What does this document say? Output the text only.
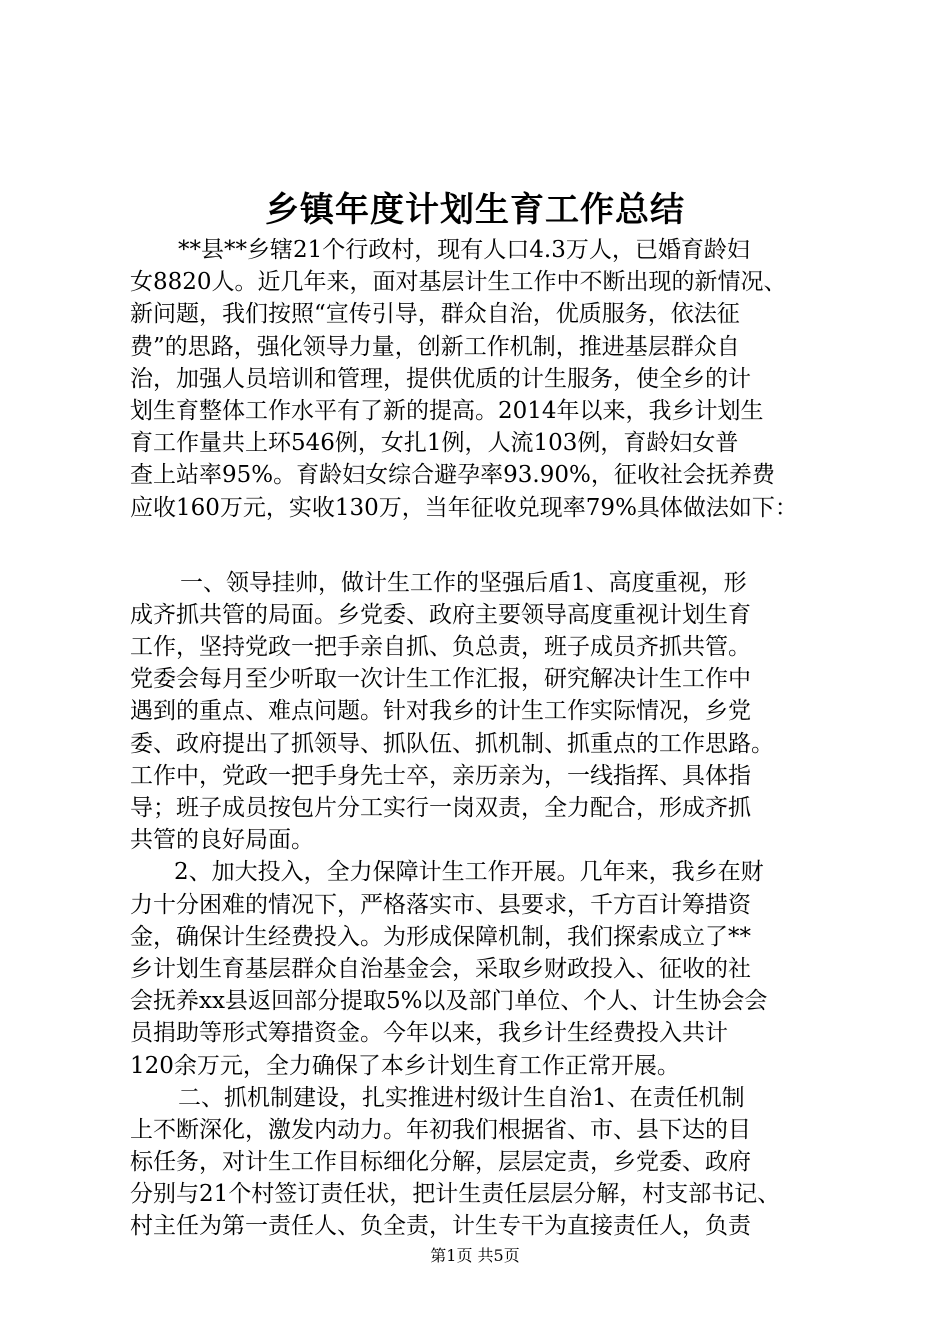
乡镇年度计划生育工作总结
**县**乡辖21个行政村，现有人口4.3万人，已婚育龄妇
女8820人。近几年来，面对基层计生工作中不断出现的新情况、
新问题，我们按照“宣传引导，群众自治，优质服务，依法征
费”的思路，强化领导力量，创新工作机制，推进基层群众自
治，加强人员培训和管理，提供优质的计生服务，使全乡的计
划生育整体工作水平有了新的提高。2014年以来，我乡计划生
育工作量共上环546例，女扎1例，人流103例，育龄妇女普
查上站率95%。育龄妇女综合避孕率93.90%，征收社会抚养费
应收160万元，实收130万，当年征收兑现率79%具体做法如下：
一、领导挂帅，做计生工作的坚强后盾1、高度重视，形
成齐抓共管的局面。乡党委、政府主要领导高度重视计划生育
工作，坚持党政一把手亲自抓、负总责，班子成员齐抓共管。
党委会每月至少听取一次计生工作汇报，研究解决计生工作中
遇到的重点、难点问题。针对我乡的计生工作实际情况，乡党
委、政府提出了抓领导、抓队伍、抓机制、抓重点的工作思路。
工作中，党政一把手身先士卒，亲历亲为，一线指挥、具体指
导；班子成员按包片分工实行一岗双责，全力配合，形成齐抓
共管的良好局面。
2、加大投入，全力保障计生工作开展。几年来，我乡在财
力十分困难的情况下，严格落实市、县要求，千方百计筹措资
金，确保计生经费投入。为形成保障机制，我们探索成立了**
乡计划生育基层群众自治基金会，采取乡财政投入、征收的社
会抚养xx县返回部分提取5%以及部门单位、个人、计生协会会
员捐助等形式筹措资金。今年以来，我乡计生经费投入共计
120余万元，全力确保了本乡计划生育工作正常开展。
二、抓机制建设，扎实推进村级计生自治1、在责任机制
上不断深化，激发内动力。年初我们根据省、市、县下达的目
标任务，对计生工作目标细化分解，层层定责，乡党委、政府
分别与21个村签订责任状，把计生责任层层分解，村支部书记、
村主任为第一责任人、负全责，计生专干为直接责任人，负责
第1页 共5页
